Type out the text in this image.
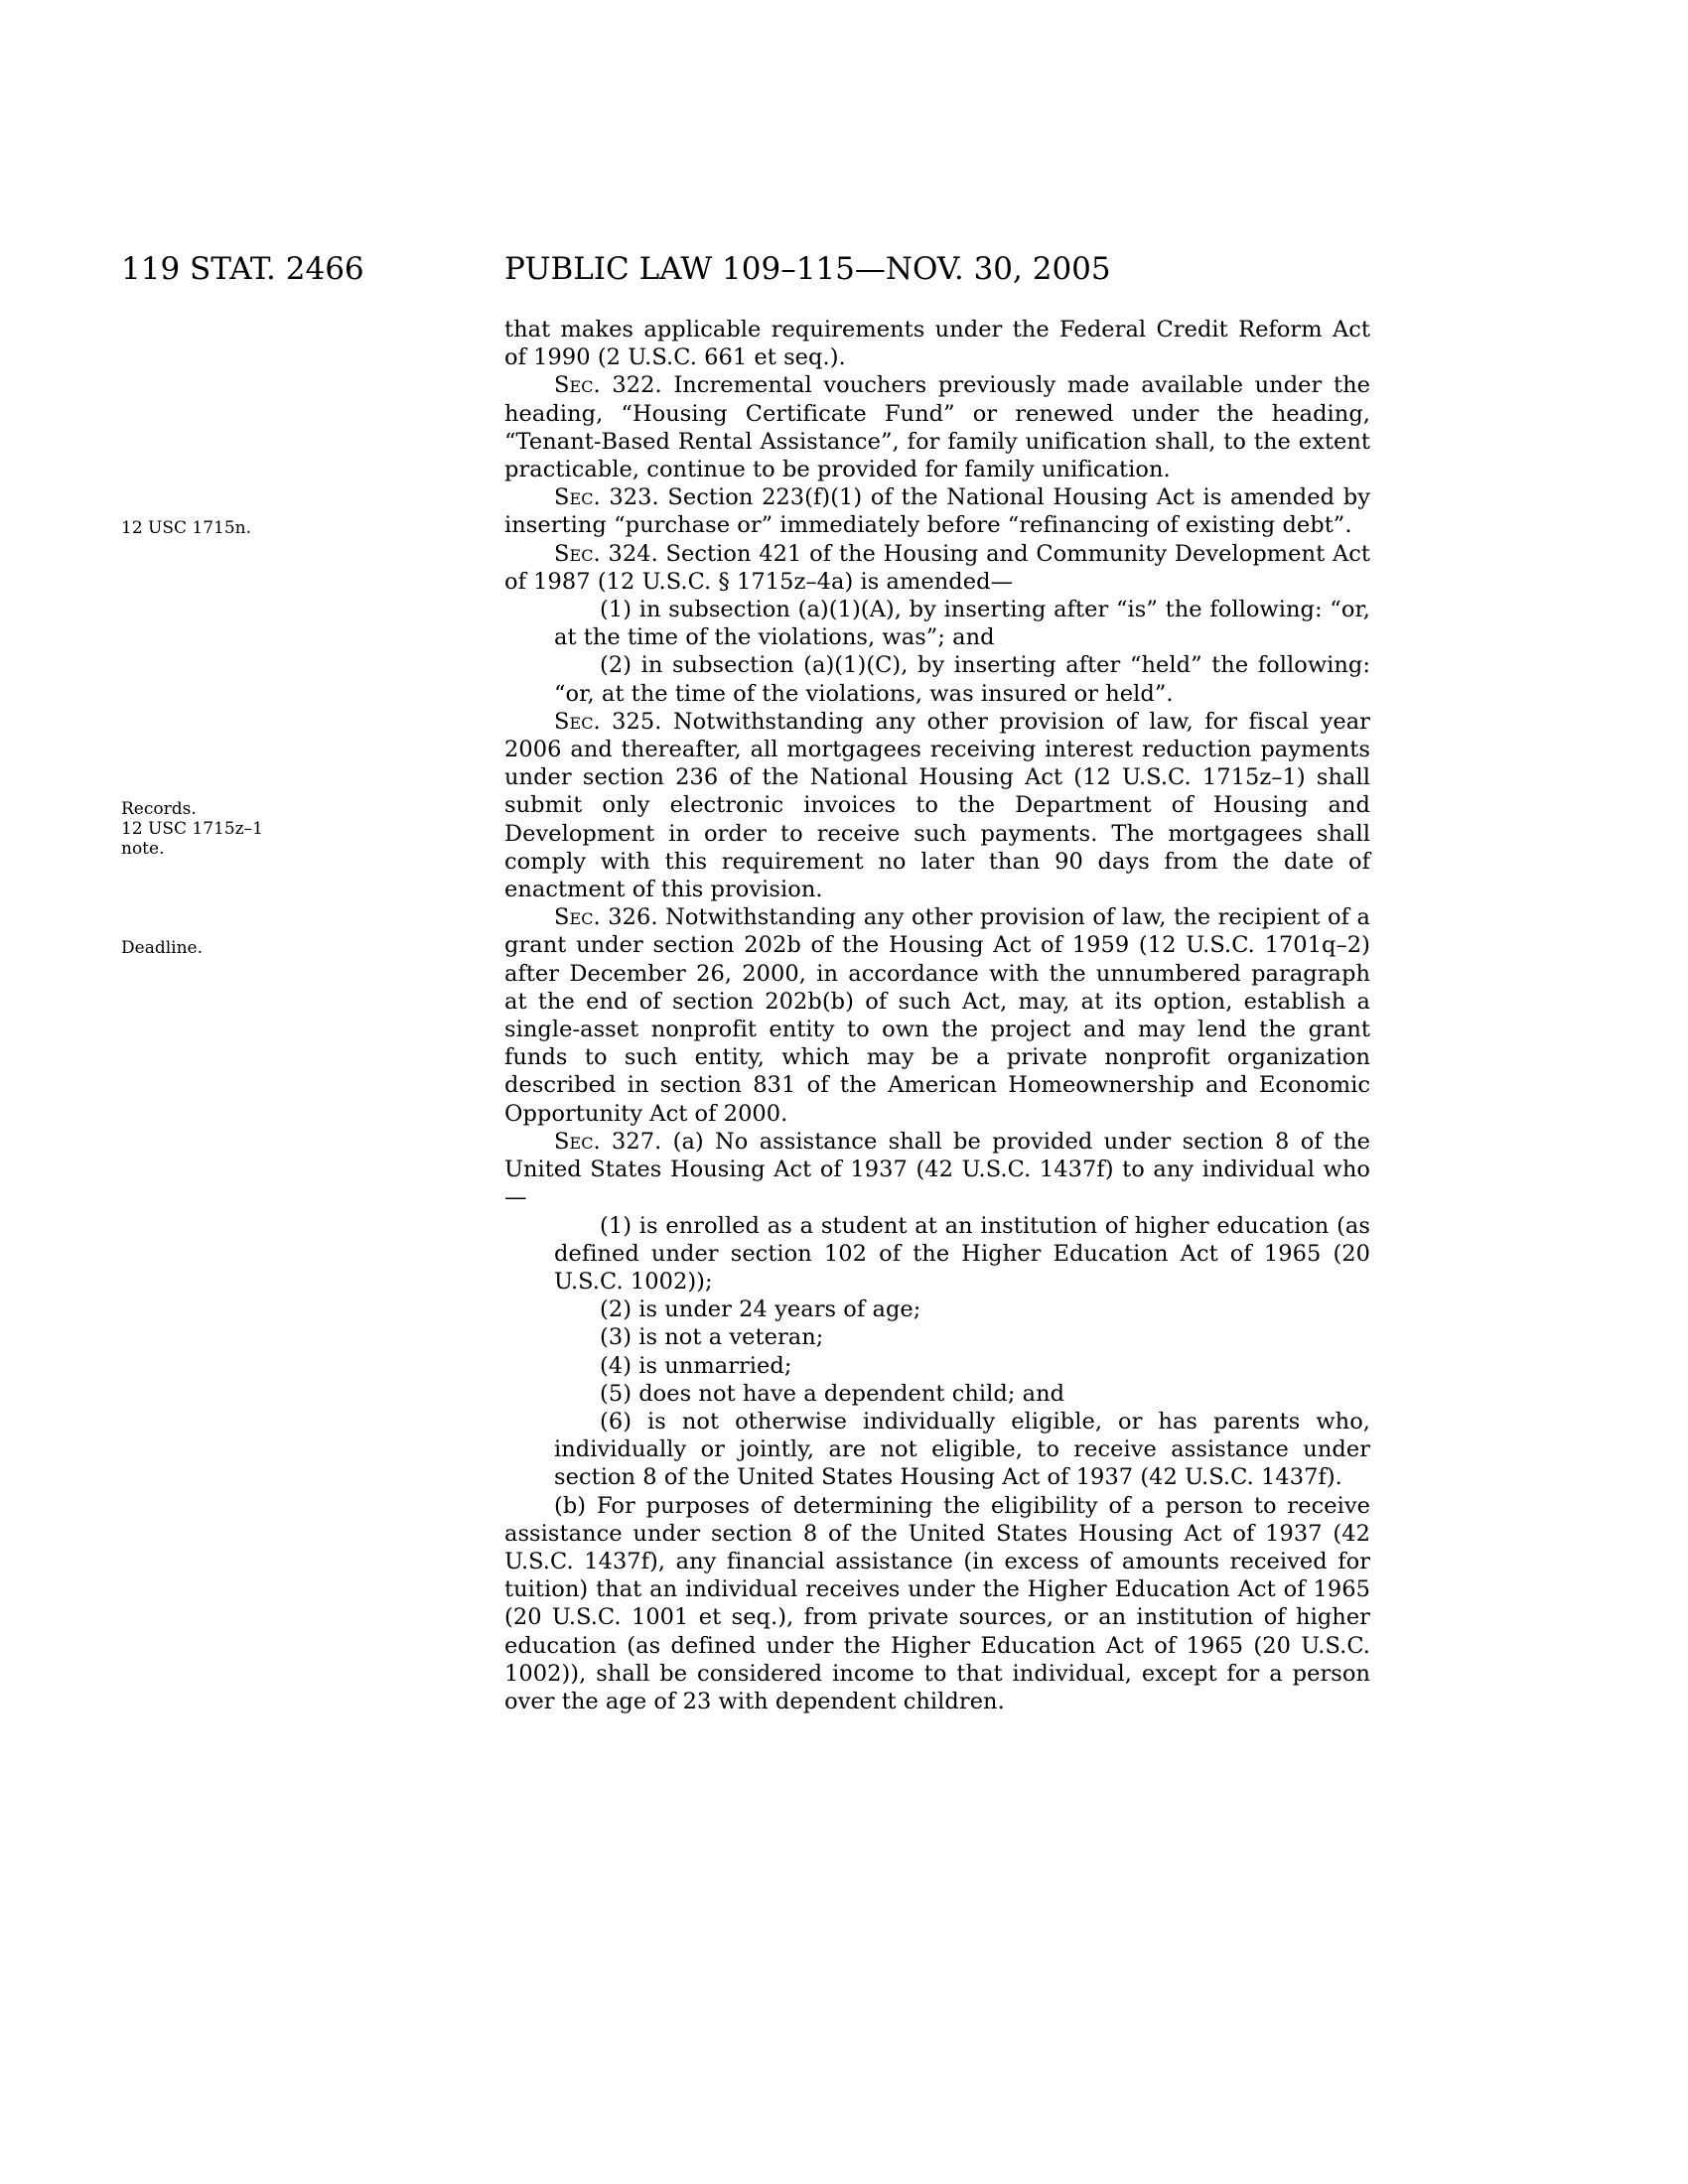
119 STAT. 2466	PUBLIC LAW 109–115—NOV. 30, 2005
12 USC 1715n.
Records.
12 USC 1715z–1
note.
Deadline.

that makes applicable requirements under the Federal Credit Reform Act of 1990 (2 U.S.C. 661 et seq.).

Sec. 322. Incremental vouchers previously made available under the heading, “Housing Certificate Fund” or renewed under the heading, “Tenant-Based Rental Assistance”, for family unification shall, to the extent practicable, continue to be provided for family unification.

Sec. 323. Section 223(f)(1) of the National Housing Act is amended by inserting “purchase or” immediately before “refinancing of existing debt”.

Sec. 324. Section 421 of the Housing and Community Development Act of 1987 (12 U.S.C. § 1715z–4a) is amended—

(1) in subsection (a)(1)(A), by inserting after “is” the following: “or, at the time of the violations, was”; and

(2) in subsection (a)(1)(C), by inserting after “held” the following: “or, at the time of the violations, was insured or held”.

Sec. 325. Notwithstanding any other provision of law, for fiscal year 2006 and thereafter, all mortgagees receiving interest reduction payments under section 236 of the National Housing Act (12 U.S.C. 1715z–1) shall submit only electronic invoices to the Department of Housing and Development in order to receive such payments. The mortgagees shall comply with this requirement no later than 90 days from the date of enactment of this provision.

Sec. 326. Notwithstanding any other provision of law, the recipient of a grant under section 202b of the Housing Act of 1959 (12 U.S.C. 1701q–2) after December 26, 2000, in accordance with the unnumbered paragraph at the end of section 202b(b) of such Act, may, at its option, establish a single-asset nonprofit entity to own the project and may lend the grant funds to such entity, which may be a private nonprofit organization described in section 831 of the American Homeownership and Economic Opportunity Act of 2000.

Sec. 327. (a) No assistance shall be provided under section 8 of the United States Housing Act of 1937 (42 U.S.C. 1437f) to any individual who—

(1) is enrolled as a student at an institution of higher education (as defined under section 102 of the Higher Education Act of 1965 (20 U.S.C. 1002));

(2) is under 24 years of age;

(3) is not a veteran;

(4) is unmarried;

(5) does not have a dependent child; and

(6) is not otherwise individually eligible, or has parents who, individually or jointly, are not eligible, to receive assistance under section 8 of the United States Housing Act of 1937 (42 U.S.C. 1437f).

(b) For purposes of determining the eligibility of a person to receive assistance under section 8 of the United States Housing Act of 1937 (42 U.S.C. 1437f), any financial assistance (in excess of amounts received for tuition) that an individual receives under the Higher Education Act of 1965 (20 U.S.C. 1001 et seq.), from private sources, or an institution of higher education (as defined under the Higher Education Act of 1965 (20 U.S.C. 1002)), shall be considered income to that individual, except for a person over the age of 23 with dependent children.
